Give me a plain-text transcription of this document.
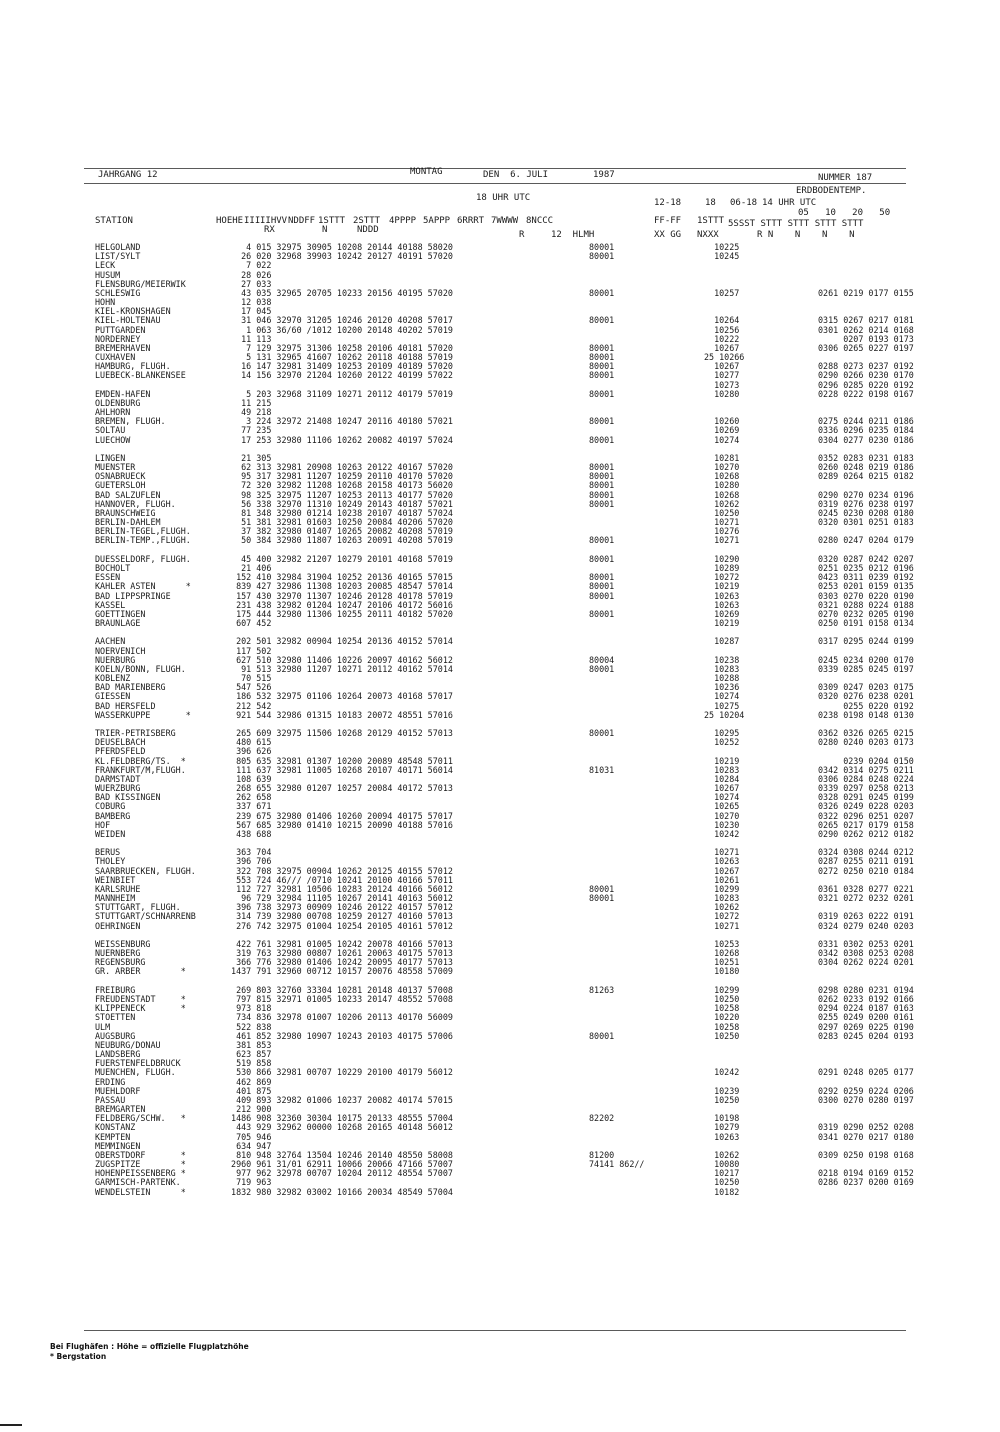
JAHRGANG 12	MONTAG	DEN  6. JULI	1987	NUMMER 187
18 UHR UTC
STATION	HOEHE III IIHVV NDDFF 1STTT 2STTT 4PPPP 5APPP 6RRRT 7WWWW 8NCCC
RX	N	NDDD	R	12  HLMH
12-18	18 06-18 14 UHR UTC
FF-FF 1STTT
XX GG NXXX
ERDBODENTEMP.
05   10   20   50
5SSST STTT STTT STTT STTT
R N    N    N    N
HELGOLAND	4 015 32975 30905 10208 20144 40188 58020	80001	10225
LIST/SYLT	26 020 32968 39903 10242 20127 40191 57020	80001	10245
LECK	7 022
HUSUM	28 026
FLENSBURG/MEIERWIK	27 033
SCHLESWIG	43 035 32965 20705 10233 20156 40195 57020	80001	10257	0261 0219 0177 0155
HOHN	12 038
KIEL-KRONSHAGEN	17 045
KIEL-HOLTENAU	31 046 32970 31205 10246 20120 40208 57017	80001	10264	0315 0267 0217 0181
PUTTGARDEN	1 063 36/60 /1012 10200 20148 40202 57019	10256	0301 0262 0214 0168
NORDERNEY	11 113	10222	0207 0193 0173
BREMERHAVEN	7 129 32975 31306 10258 20106 40181 57020	80001	10267	0306 0265 0227 0197
CUXHAVEN	5 131 32965 41607 10262 20118 40188 57019	80001	25 10266
HAMBURG, FLUGH.	16 147 32981 31409 10253 20109 40189 57020	80001	10267	0288 0273 0237 0192
LUEBECK-BLANKENSEE	14 156 32970 21204 10260 20122 40199 57022	80001	10277	0290 0266 0230 0170
10273	0296 0285 0220 0192
EMDEN-HAFEN	5 203 32968 31109 10271 20112 40179 57019	80001	10280	0228 0222 0198 0167
OLDENBURG	11 215
AHLHORN	49 218
BREMEN, FLUGH.	3 224 32972 21408 10247 20116 40180 57021	80001	10260	0275 0244 0211 0186
SOLTAU	77 235	10269	0336 0296 0235 0184
LUECHOW	17 253 32980 11106 10262 20082 40197 57024	80001	10274	0304 0277 0230 0186
LINGEN	21 305	10281	0352 0283 0231 0183
MUENSTER	62 313 32981 20908 10263 20122 40167 57020	80001	10270	0260 0248 0219 0186
OSNABRUECK	95 317 32981 11207 10259 20110 40170 57020	80001	10268	0289 0264 0215 0182
GUETERSLOH	72 320 32982 11208 10268 20158 40173 56020	80001	10280
BAD SALZUFLEN	98 325 32975 11207 10253 20113 40177 57020	80001	10268	0290 0270 0234 0196
HANNOVER, FLUGH.	56 338 32970 11310 10249 20143 40187 57021	80001	10262	0319 0276 0238 0197
BRAUNSCHWEIG	81 348 32980 01214 10238 20107 40187 57024	10250	0245 0230 0208 0180
BERLIN-DAHLEM	51 381 32981 01603 10250 20084 40206 57020	10271	0320 0301 0251 0183
BERLIN-TEGEL,FLUGH.	37 382 32980 01407 10265 20082 40208 57019	10276
BERLIN-TEMP.,FLUGH.	50 384 32980 11807 10263 20091 40208 57019	80001	10271	0280 0247 0204 0179
DUESSELDORF, FLUGH.	45 400 32982 21207 10279 20101 40168 57019	80001	10290	0320 0287 0242 0207
BOCHOLT	21 406	10289	0251 0235 0212 0196
ESSEN	152 410 32984 31904 10252 20136 40165 57015	80001	10272	0423 0311 0239 0192
KAHLER ASTEN      *	839 427 32986 11308 10203 20085 48547 57014	80001	10219	0253 0201 0159 0135
BAD LIPPSPRINGE	157 430 32970 11307 10246 20128 40178 57019	80001	10263	0303 0270 0220 0190
KASSEL	231 438 32982 01204 10247 20106 40172 56016	10263	0321 0288 0224 0188
GOETTINGEN	175 444 32980 11306 10255 20111 40182 57020	80001	10269	0270 0232 0205 0190
BRAUNLAGE	607 452	10219	0250 0191 0158 0134
AACHEN	202 501 32982 00904 10254 20136 40152 57014	10287	0317 0295 0244 0199
NOERVENICH	117 502
NUERBURG	627 510 32980 11406 10226 20097 40162 56012	80004	10238	0245 0234 0200 0170
KOELN/BONN, FLUGH.	91 513 32980 11207 10271 20112 40162 57014	80001	10283	0339 0285 0245 0197
KOBLENZ	70 515	10288
BAD MARIENBERG	547 526	10236	0309 0247 0203 0175
GIESSEN	186 532 32975 01106 10264 20073 40168 57017	10274	0320 0276 0238 0201
BAD HERSFELD	212 542	10275	0255 0220 0192
WASSERKUPPE       *	921 544 32986 01315 10183 20072 48551 57016	25 10204	0238 0198 0148 0130
TRIER-PETRISBERG	265 609 32975 11506 10268 20129 40152 57013	80001	10295	0362 0326 0265 0215
DEUSELBACH	480 615	10252	0280 0240 0203 0173
PFERDSFELD	396 626
KL.FELDBERG/TS.  *	805 635 32981 01307 10200 20089 48548 57011	10219	0239 0204 0150
FRANKFURT/M,FLUGH.	111 637 32981 11005 10268 20107 40171 56014	81031	10283	0342 0314 0275 0211
DARMSTADT	108 639	10284	0306 0284 0248 0224
WUERZBURG	268 655 32980 01207 10257 20084 40172 57013	10267	0339 0297 0258 0213
BAD KISSINGEN	262 658	10274	0328 0291 0245 0199
COBURG	337 671	10265	0326 0249 0228 0203
BAMBERG	239 675 32980 01406 10260 20094 40175 57017	10270	0322 0296 0251 0207
HOF	567 685 32980 01410 10215 20090 40188 57016	10230	0265 0217 0179 0158
WEIDEN	438 688	10242	0290 0262 0212 0182
BERUS	363 704	10271	0324 0308 0244 0212
THOLEY	396 706	10263	0287 0255 0211 0191
SAARBRUECKEN, FLUGH.	322 708 32975 00904 10262 20125 40155 57012	10267	0272 0250 0210 0184
WEINBIET	553 724 46/// /0710 10241 20100 40166 57011	10261
KARLSRUHE	112 727 32981 10506 10283 20124 40166 56012	80001	10299	0361 0328 0277 0221
MANNHEIM	96 729 32984 11105 10267 20141 40163 56012	80001	10283	0321 0272 0232 0201
STUTTGART, FLUGH.	396 738 32973 00909 10246 20122 40157 57012	10262
STUTTGART/SCHNARRENB	314 739 32980 00708 10259 20127 40160 57013	10272	0319 0263 0222 0191
OEHRINGEN	276 742 32975 01004 10254 20105 40161 57012	10271	0324 0279 0240 0203
WEISSENBURG	422 761 32981 01005 10242 20078 40166 57013	10253	0331 0302 0253 0201
NUERNBERG	319 763 32980 00807 10261 20063 40175 57013	10268	0342 0308 0253 0208
REGENSBURG	366 776 32980 01406 10242 20095 40177 57013	10251	0304 0262 0224 0201
GR. ARBER        *	1437 791 32960 00712 10157 20076 48558 57009	10180
FREIBURG	269 803 32760 33304 10281 20148 40137 57008	81263	10299	0298 0280 0231 0194
FREUDENSTADT     *	797 815 32971 01005 10233 20147 48552 57008	10250	0262 0233 0192 0166
KLIPPENECK       *	973 818	10258	0294 0224 0187 0163
STOETTEN	734 836 32978 01007 10206 20113 40170 56009	10220	0255 0249 0200 0161
ULM	522 838	10258	0297 0269 0225 0190
AUGSBURG	461 852 32980 10907 10243 20103 40175 57006	80001	10250	0283 0245 0204 0193
NEUBURG/DONAU	381 853
LANDSBERG	623 857
FUERSTENFELDBRUCK	519 858
MUENCHEN, FLUGH.	530 866 32981 00707 10229 20100 40179 56012	10242	0291 0248 0205 0177
ERDING	462 869
MUEHLDORF	401 875	10239	0292 0259 0224 0206
PASSAU	409 893 32982 01006 10237 20082 40174 57015	10250	0300 0270 0280 0197
BREMGARTEN	212 900
FELDBERG/SCHW.   *	1486 908 32360 30304 10175 20133 48555 57004	82202	10198
KONSTANZ	443 929 32962 00000 10268 20165 40148 56012	10279	0319 0290 0252 0208
KEMPTEN	705 946	10263	0341 0270 0217 0180
MEMMINGEN	634 947
OBERSTDORF       *	810 948 32764 13504 10246 20140 48550 58008	81200	10262	0309 0250 0198 0168
ZUGSPITZE        *	2960 961 31/01 62911 10066 20066 47166 57007	74141 862//	10080
HOHENPEISSENBERG *	977 962 32978 00707 10204 20112 48554 57007	10217	0218 0194 0169 0152
GARMISCH-PARTENK.	719 963	10250	0286 0237 0200 0169
WENDELSTEIN      *	1832 980 32982 03002 10166 20034 48549 57004	10182
Bei Flughäfen : Höhe = offizielle Flugplatzhöhe
* Bergstation
